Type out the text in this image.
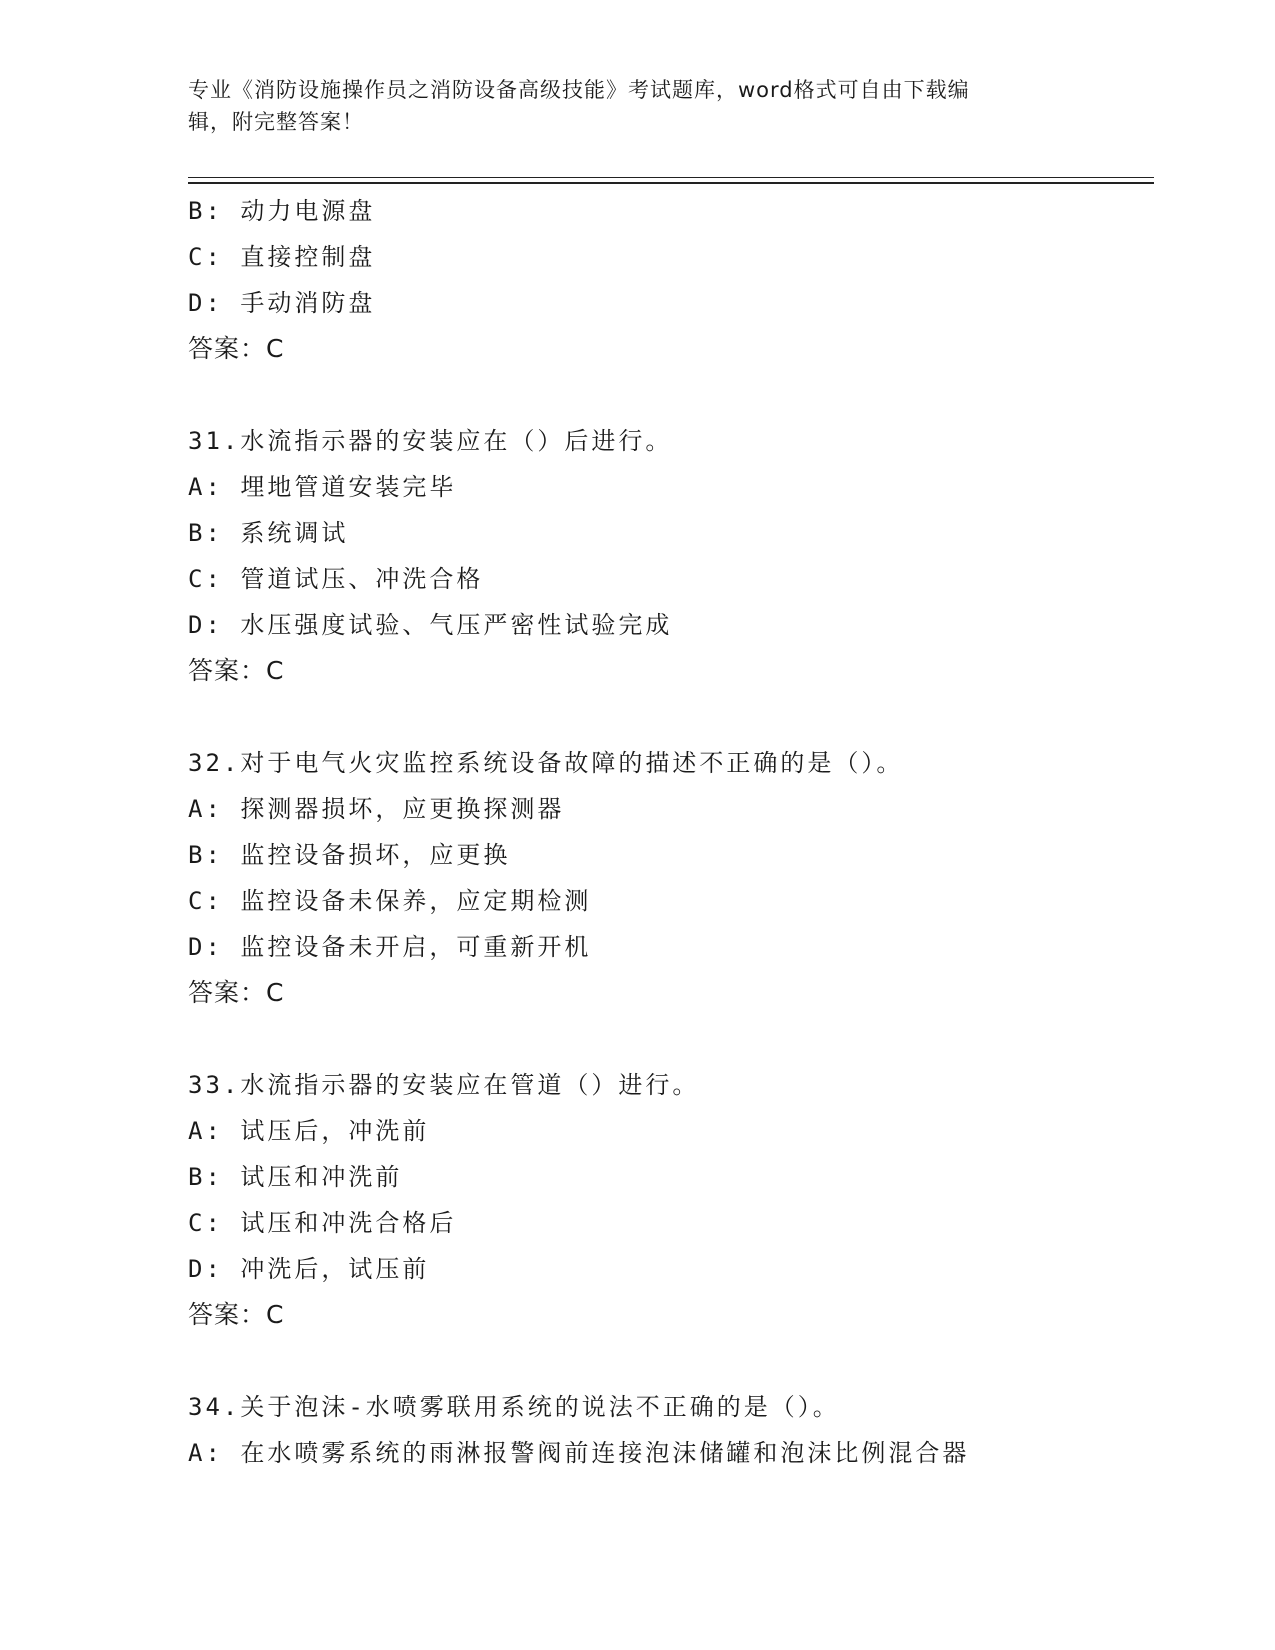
专业《消防设施操作员之消防设备高级技能》考试题库，word格式可自由下载编
辑，附完整答案！
B: 动力电源盘
C: 直接控制盘
D: 手动消防盘
答案：C
31.水流指示器的安装应在（）后进行。
A: 埋地管道安装完毕
B: 系统调试
C: 管道试压、冲洗合格
D: 水压强度试验、气压严密性试验完成
答案：C
32.对于电气火灾监控系统设备故障的描述不正确的是（）。
A: 探测器损坏，应更换探测器
B: 监控设备损坏，应更换
C: 监控设备未保养，应定期检测
D: 监控设备未开启，可重新开机
答案：C
33.水流指示器的安装应在管道（）进行。
A: 试压后，冲洗前
B: 试压和冲洗前
C: 试压和冲洗合格后
D: 冲洗后，试压前
答案：C
34.关于泡沫-水喷雾联用系统的说法不正确的是（）。
A: 在水喷雾系统的雨淋报警阀前连接泡沫储罐和泡沫比例混合器
